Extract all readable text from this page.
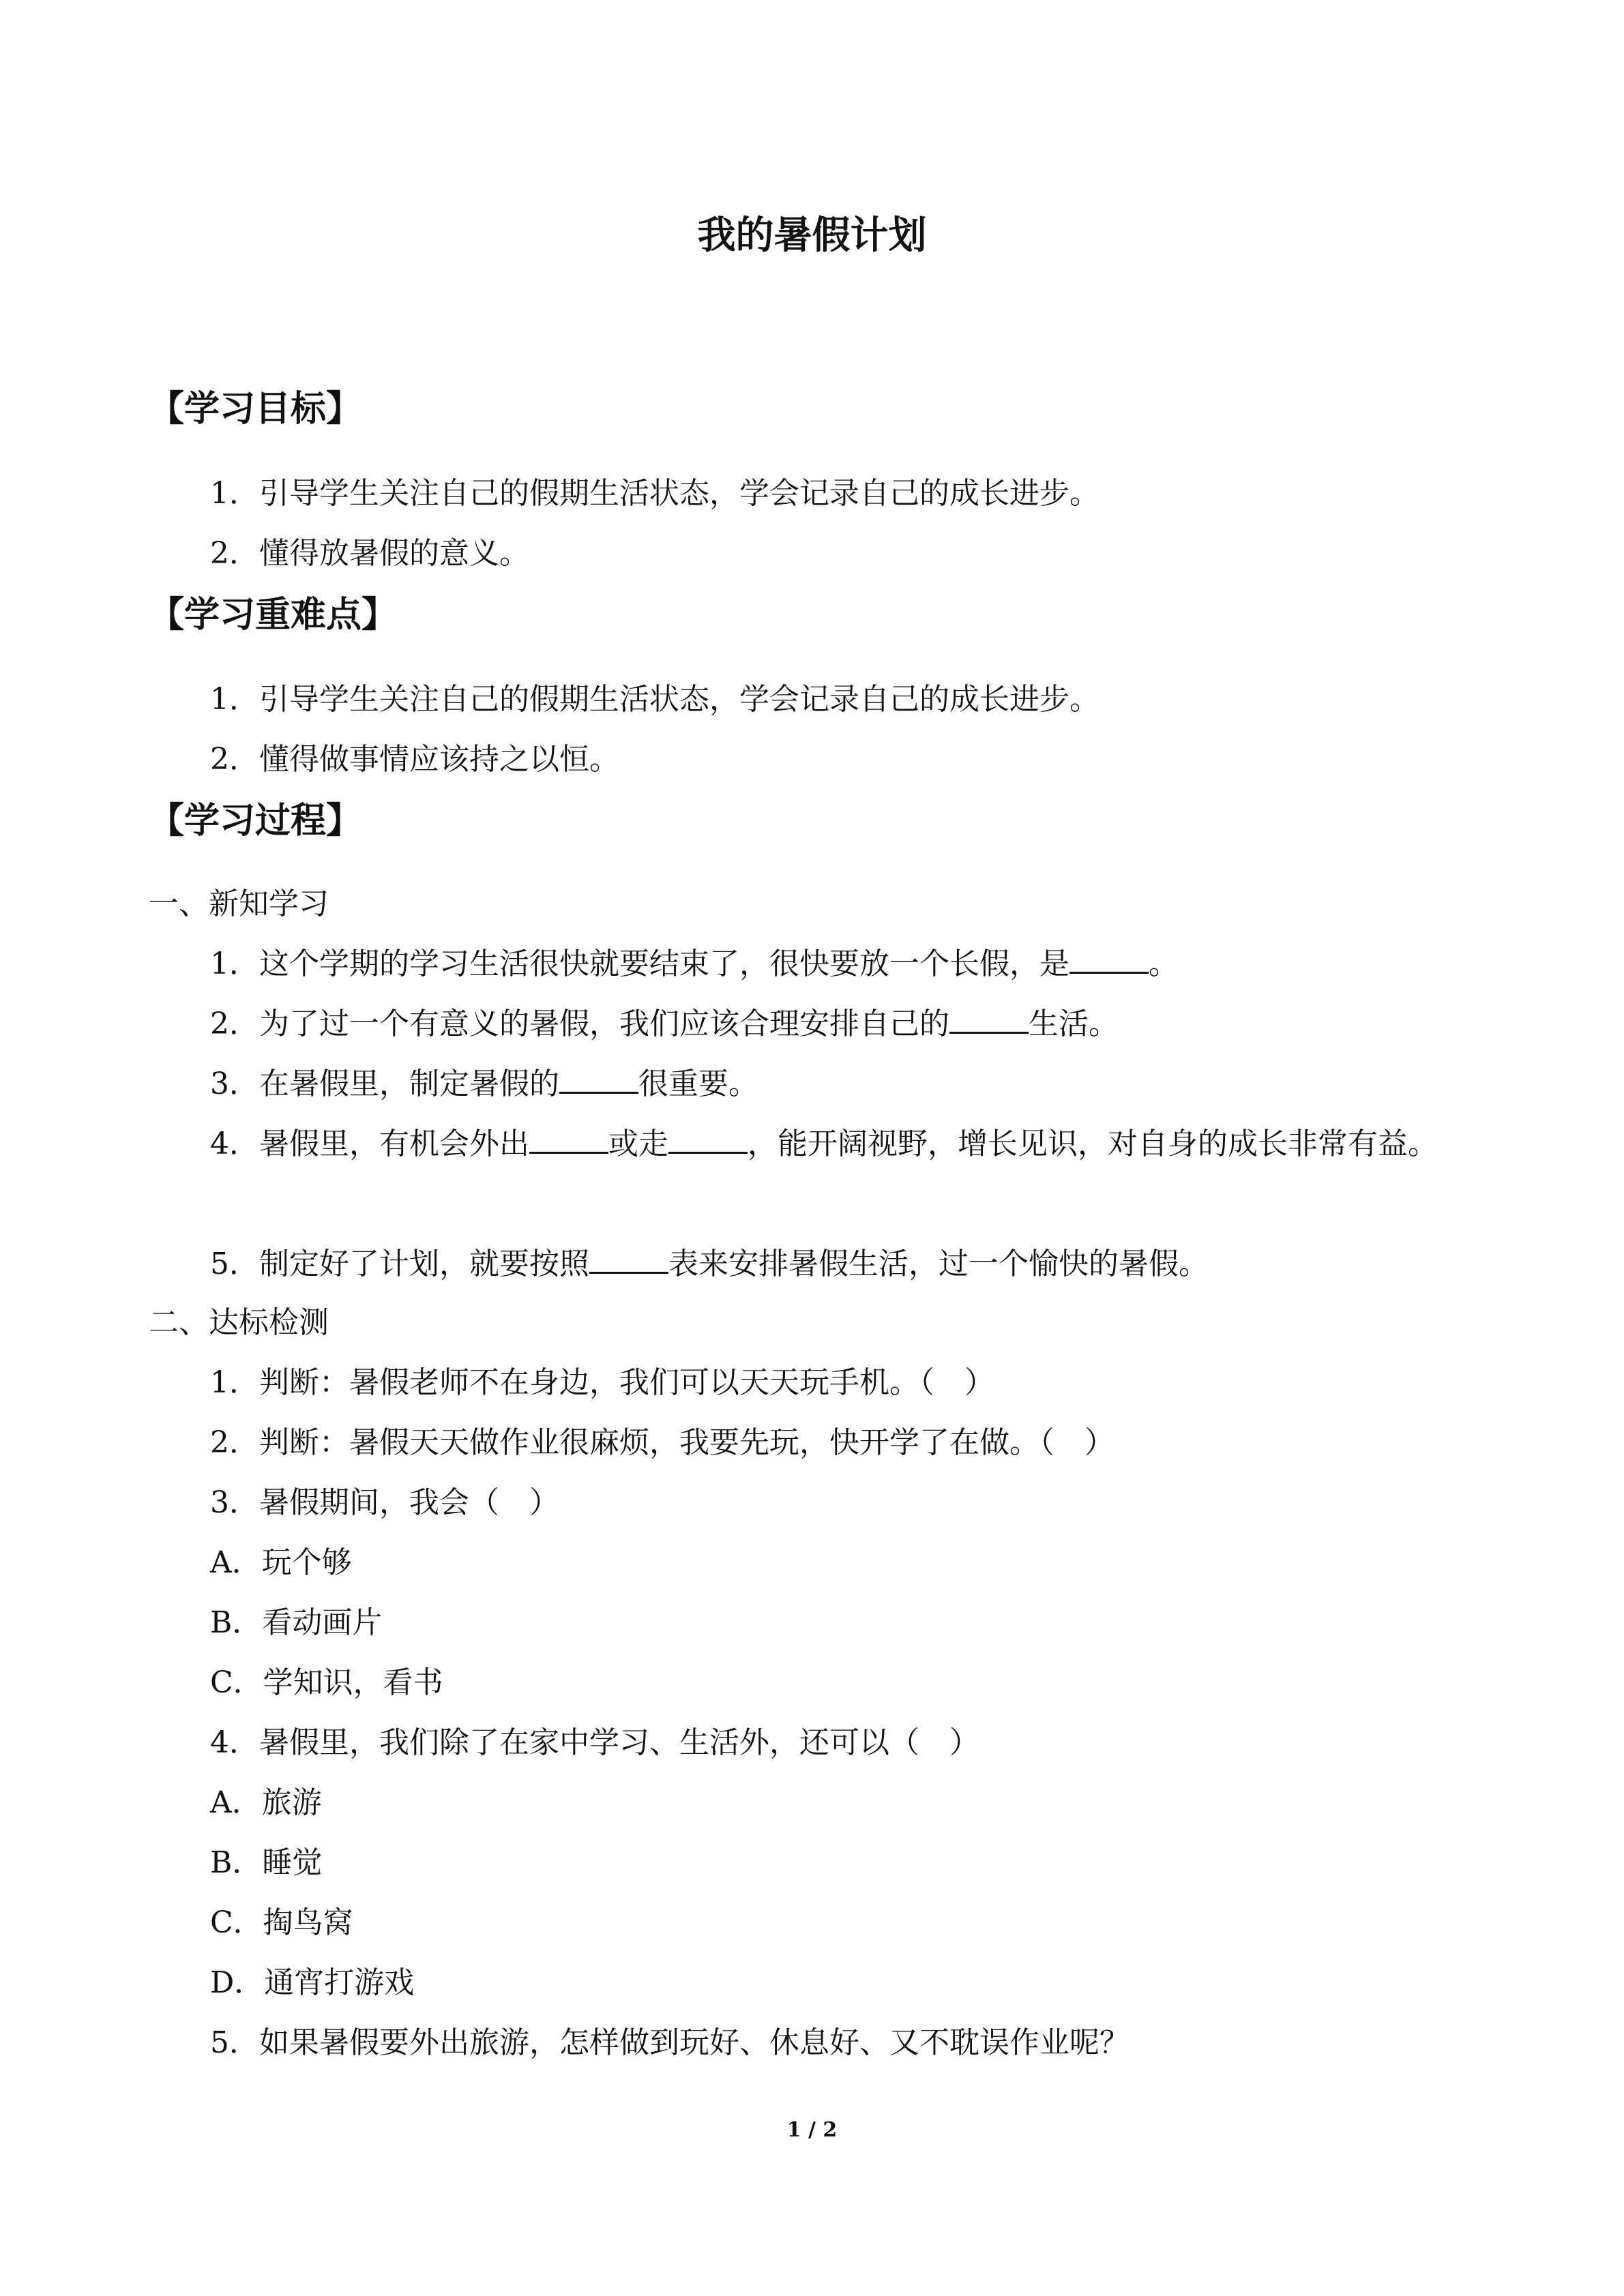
我的暑假计划
【学习目标】
1．引导学生关注自己的假期生活状态，学会记录自己的成长进步。
2．懂得放暑假的意义。
【学习重难点】
1．引导学生关注自己的假期生活状态，学会记录自己的成长进步。
2．懂得做事情应该持之以恒。
【学习过程】
一、新知学习
1．这个学期的学习生活很快就要结束了，很快要放一个长假，是	。
2．为了过一个有意义的暑假，我们应该合理安排自己的	生活。
3．在暑假里，制定暑假的	很重要。
4．暑假里，有机会外出	或走	，能开阔视野，增长见识，对自身的成长非常有益。
5．制定好了计划，就要按照	表来安排暑假生活，过一个愉快的暑假。
二、达标检测
1．判断：暑假老师不在身边，我们可以天天玩手机。（　）
2．判断：暑假天天做作业很麻烦，我要先玩，快开学了在做。（　）
3．暑假期间，我会（　）
A．玩个够
B．看动画片
C．学知识，看书
4．暑假里，我们除了在家中学习、生活外，还可以（　）
A．旅游
B．睡觉
C．掏鸟窝
D．通宵打游戏
5．如果暑假要外出旅游，怎样做到玩好、休息好、又不耽误作业呢？
1 / 2
